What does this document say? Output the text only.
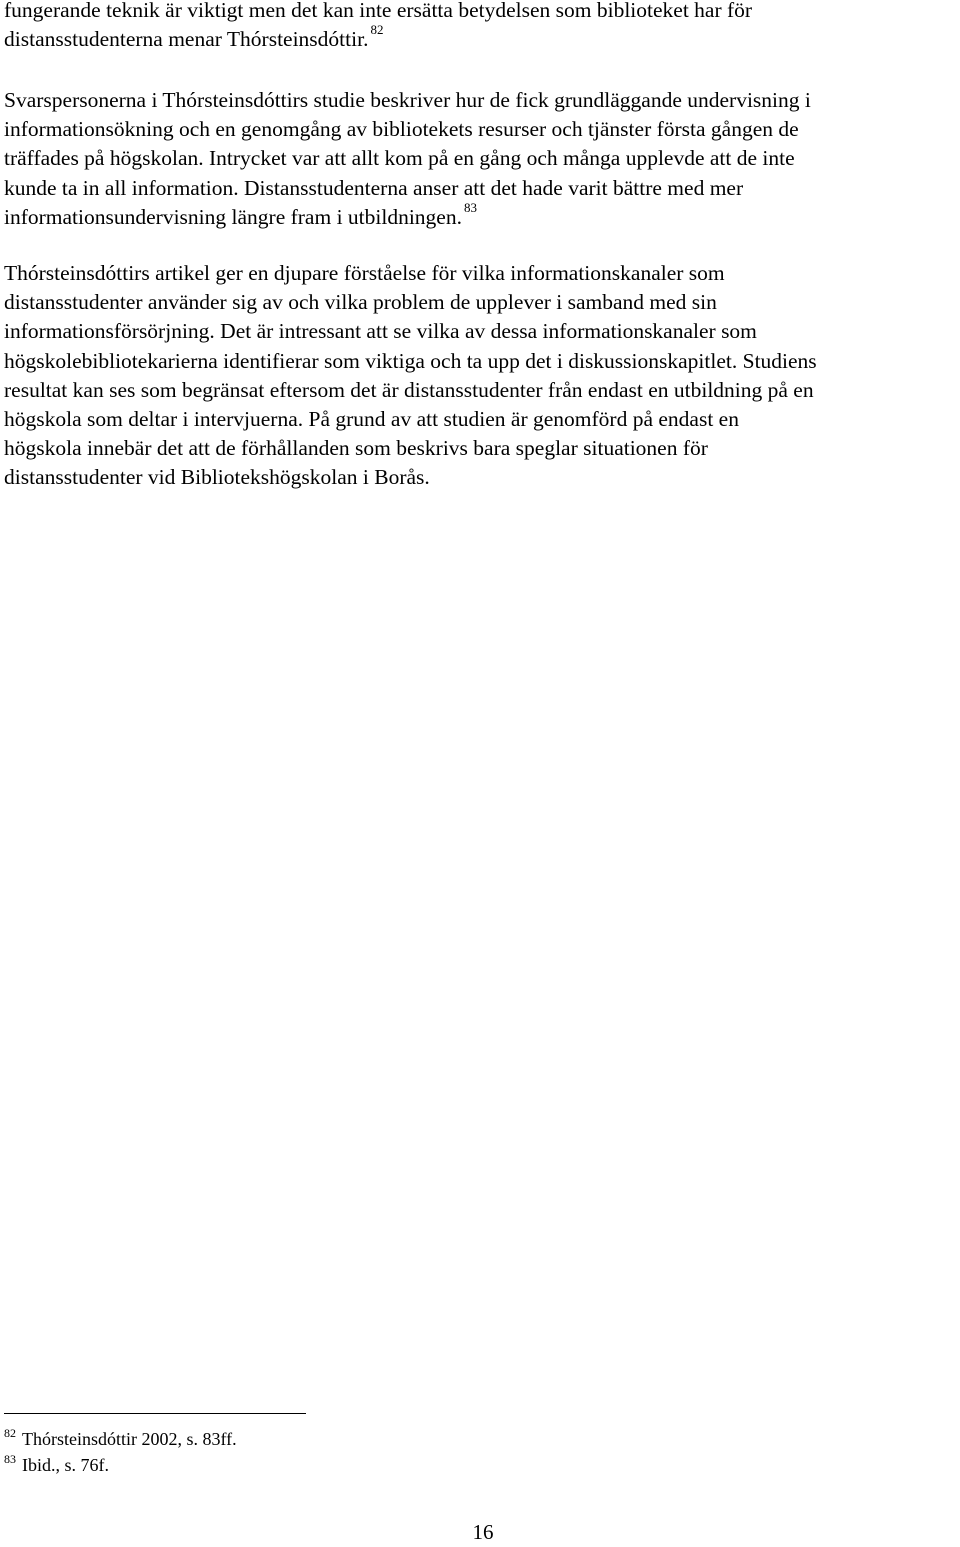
fungerande teknik är viktigt men det kan inte ersätta betydelsen som biblioteket har för
distansstudenterna menar Thórsteinsdóttir. $^{82}$

Svarspersonerna i Thórsteinsdóttirs studie beskriver hur de fick grundläggande undervisning i
informationsökning och en genomgång av bibliotekets resurser och tjänster första gången de
träffades på högskolan. Intrycket var att allt kom på en gång och många upplevde att de inte
kunde ta in all information. Distansstudenterna anser att det hade varit bättre med mer
informationsundervisning längre fram i utbildningen. $^{83}$

Thórsteinsdóttirs artikel ger en djupare förståelse för vilka informationskanaler som
distansstudenter använder sig av och vilka problem de upplever i samband med sin
informationsförsörjning. Det är intressant att se vilka av dessa informationskanaler som
högskolebibliotekarierna identifierar som viktiga och ta upp det i diskussionskapitlet. Studiens
resultat kan ses som begränsat eftersom det är distansstudenter från endast en utbildning på en
högskola som deltar i intervjuerna. På grund av att studien är genomförd på endast en
högskola innebär det att de förhållanden som beskrivs bara speglar situationen för
distansstudenter vid Bibliotekshögskolan i Borås.

$^{82}$ Thórsteinsdóttir 2002, s. 83ff.
$^{83}$ Ibid., s. 76f.
16
